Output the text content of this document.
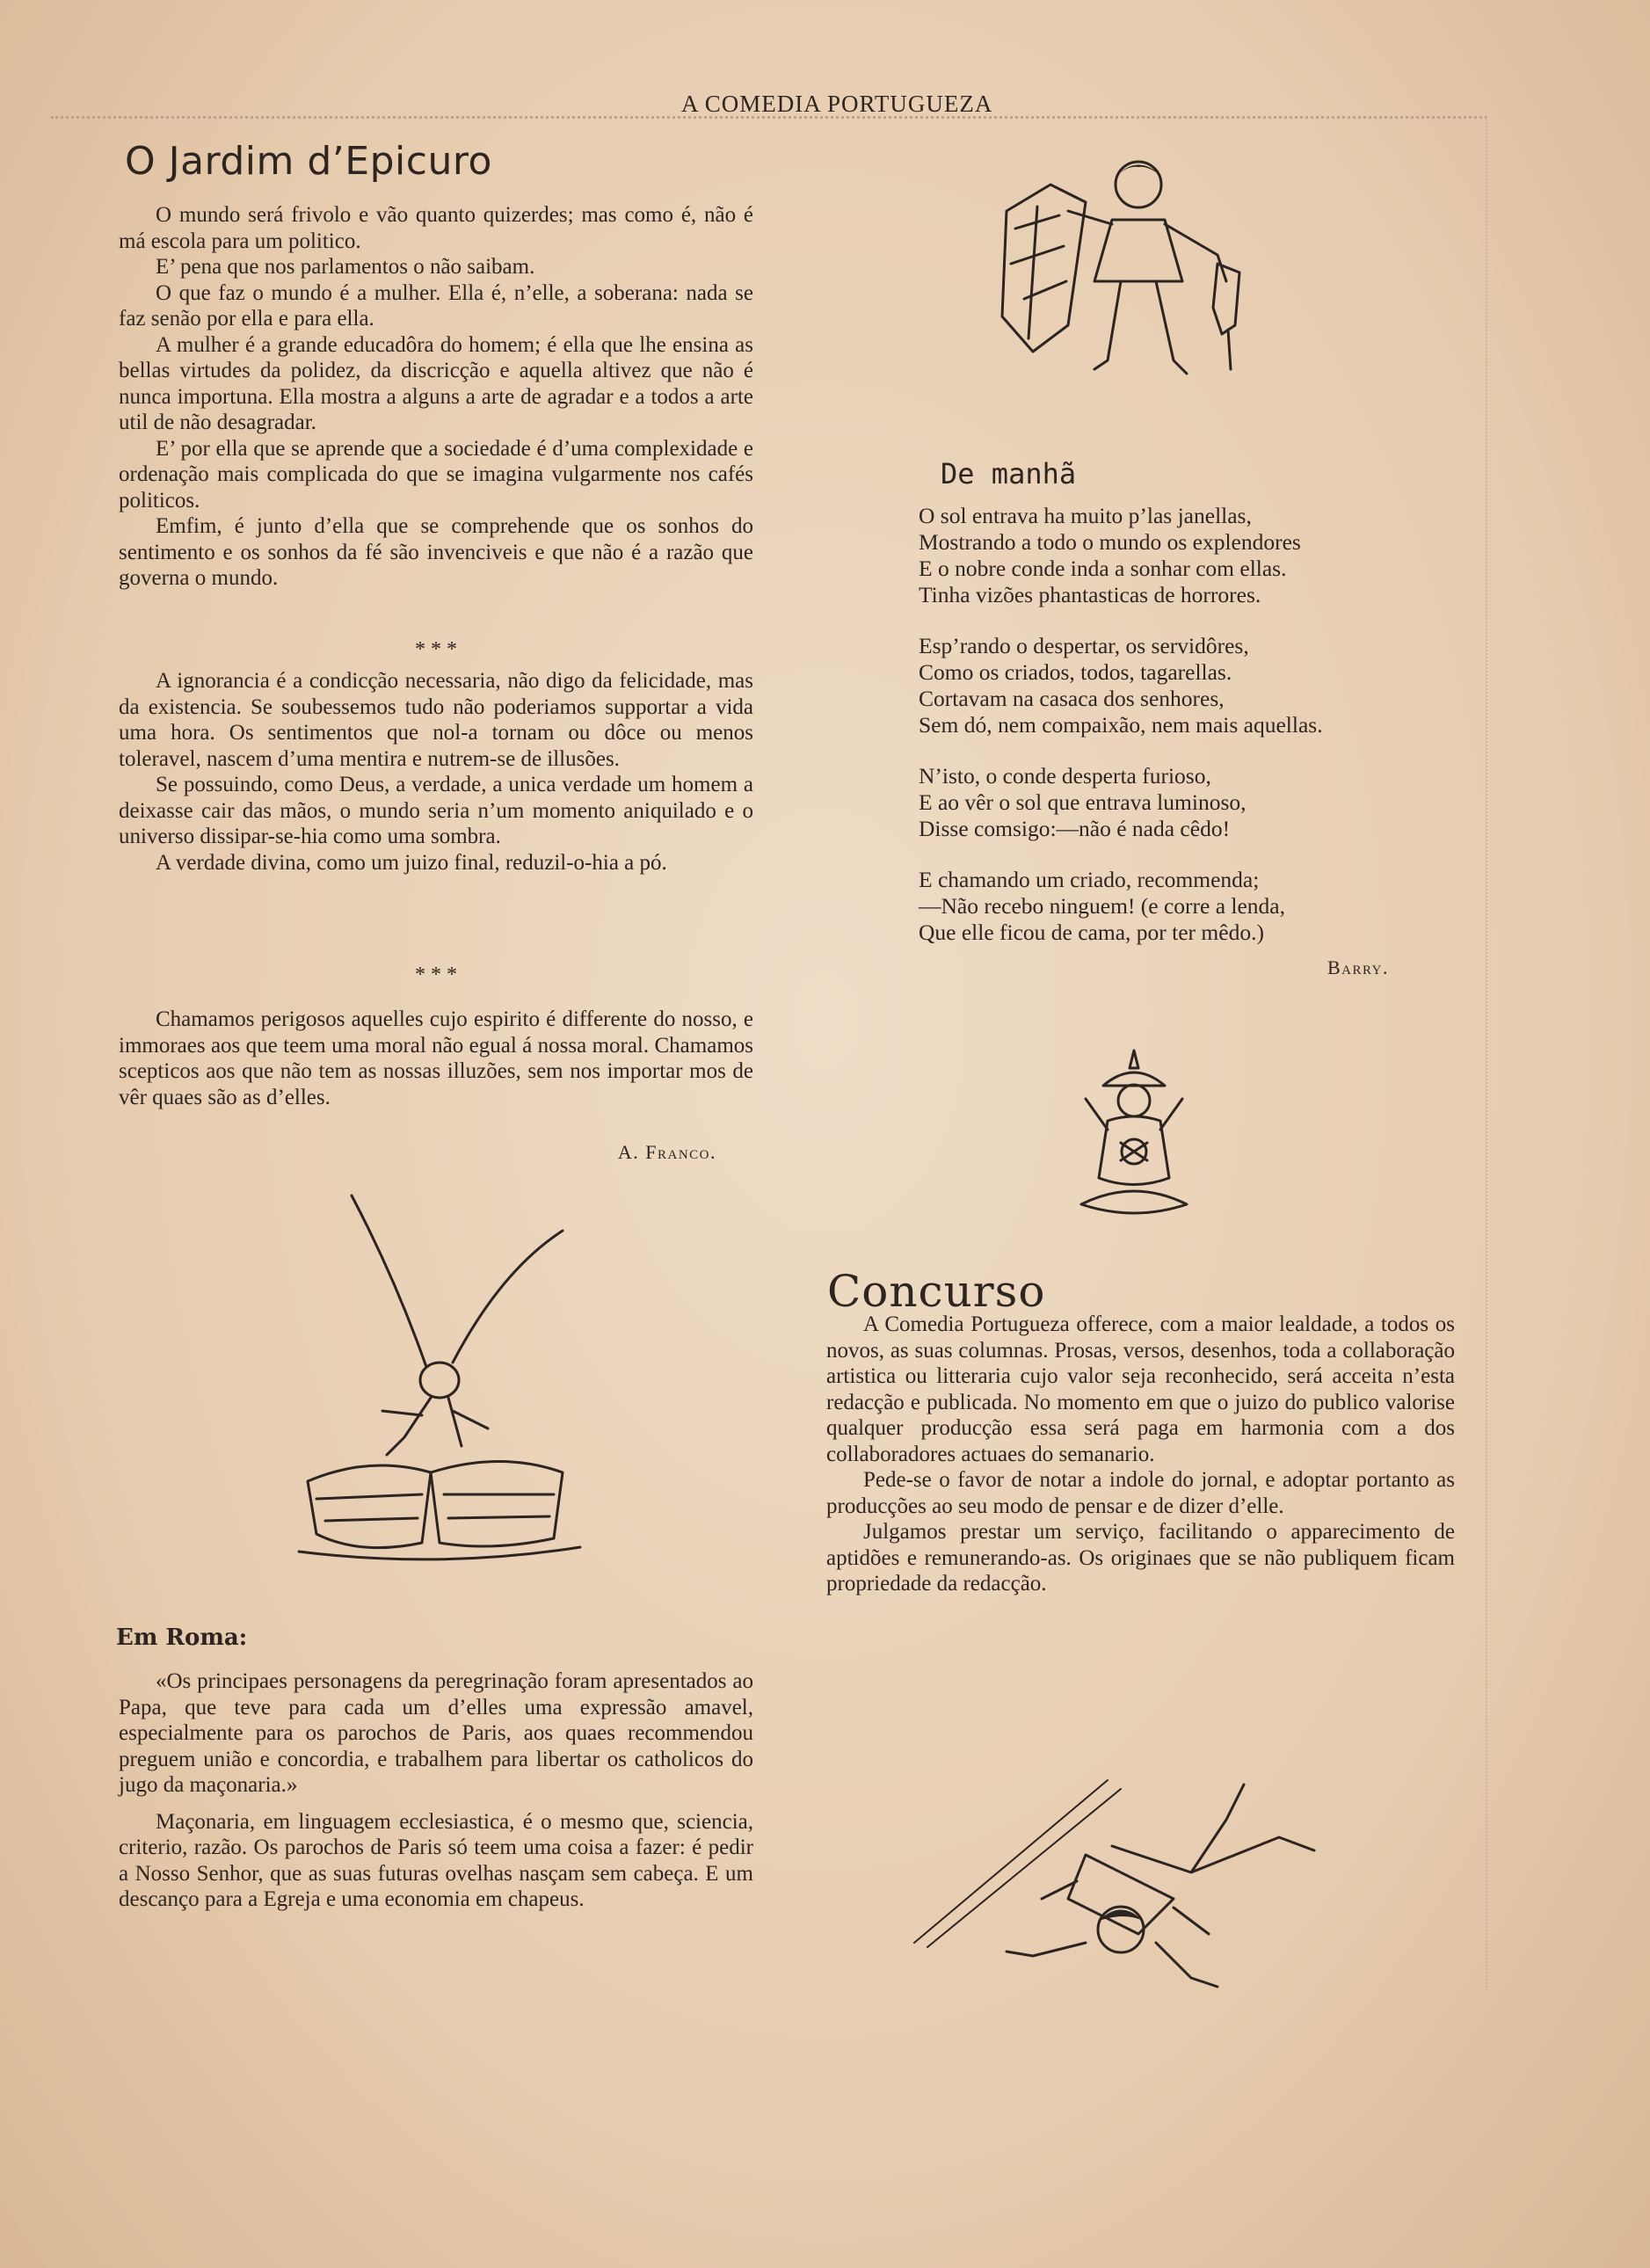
A COMEDIA PORTUGUEZA
O Jardim d’Epicuro

O mundo será frivolo e vão quanto quizerdes; mas como é, não é má escola para um politico.

E’ pena que nos parlamentos o não saibam.

O que faz o mundo é a mulher. Ella é, n’elle, a soberana: nada se faz senão por ella e para ella.

A mulher é a grande educadôra do homem; é ella que lhe ensina as bellas virtudes da polidez, da discricção e aquella altivez que não é nunca importuna. Ella mostra a alguns a arte de agradar e a todos a arte util de não desagradar.

E’ por ella que se aprende que a sociedade é d’uma complexidade e ordenação mais complicada do que se imagina vulgarmente nos cafés politicos.

Emfim, é junto d’ella que se comprehende que os sonhos do sentimento e os sonhos da fé são invenciveis e que não é a razão que governa o mundo.

* * *

A ignorancia é a condicção necessaria, não digo da felicidade, mas da existencia. Se soubessemos tudo não poderiamos supportar a vida uma hora. Os sentimentos que nol-a tornam ou dôce ou menos toleravel, nascem d’uma mentira e nutrem-se de illusões.

Se possuindo, como Deus, a verdade, a unica verdade um homem a deixasse cair das mãos, o mundo seria n’um momento aniquilado e o universo dissipar-se-hia como uma sombra.

A verdade divina, como um juizo final, reduzil-o-hia a pó.

* * *

Chamamos perigosos aquelles cujo espirito é differente do nosso, e immoraes aos que teem uma moral não egual á nossa moral. Chamamos scepticos aos que não tem as nossas illuzões, sem nos importar mos de vêr quaes são as d’elles.

A. Franco.
De manhã
O sol entrava ha muito p’las janellas,
Mostrando a todo o mundo os explendores
E o nobre conde inda a sonhar com ellas.
Tinha vizões phantasticas de horrores.
Esp’rando o despertar, os servidôres,
Como os criados, todos, tagarellas.
Cortavam na casaca dos senhores,
Sem dó, nem compaixão, nem mais aquellas.
N’isto, o conde desperta furioso,
E ao vêr o sol que entrava luminoso,
Disse comsigo:—não é nada cêdo!
E chamando um criado, recommenda;
—Não recebo ninguem! (e corre a lenda,
Que elle ficou de cama, por ter mêdo.)
Barry.
Concurso

A Comedia Portugueza offerece, com a maior lealdade, a todos os novos, as suas columnas. Prosas, versos, desenhos, toda a collaboração artistica ou litteraria cujo valor seja reconhecido, será acceita n’esta redacção e publicada. No momento em que o juizo do publico valorise qualquer producção essa será paga em harmonia com a dos collaboradores actuaes do semanario.

Pede-se o favor de notar a indole do jornal, e adoptar portanto as producções ao seu modo de pensar e de dizer d’elle.

Julgamos prestar um serviço, facilitando o apparecimento de aptidões e remunerando-as. Os originaes que se não publiquem ficam propriedade da redacção.

Em Roma:

«Os principaes personagens da peregrinação foram apresentados ao Papa, que teve para cada um d’elles uma expressão amavel, especialmente para os parochos de Paris, aos quaes recommendou preguem união e concordia, e trabalhem para libertar os catholicos do jugo da maçonaria.»

Maçonaria, em linguagem ecclesiastica, é o mesmo que, sciencia, criterio, razão. Os parochos de Paris só teem uma coisa a fazer: é pedir a Nosso Senhor, que as suas futuras ovelhas nasçam sem cabeça. E um descanço para a Egreja e uma economia em chapeus.
